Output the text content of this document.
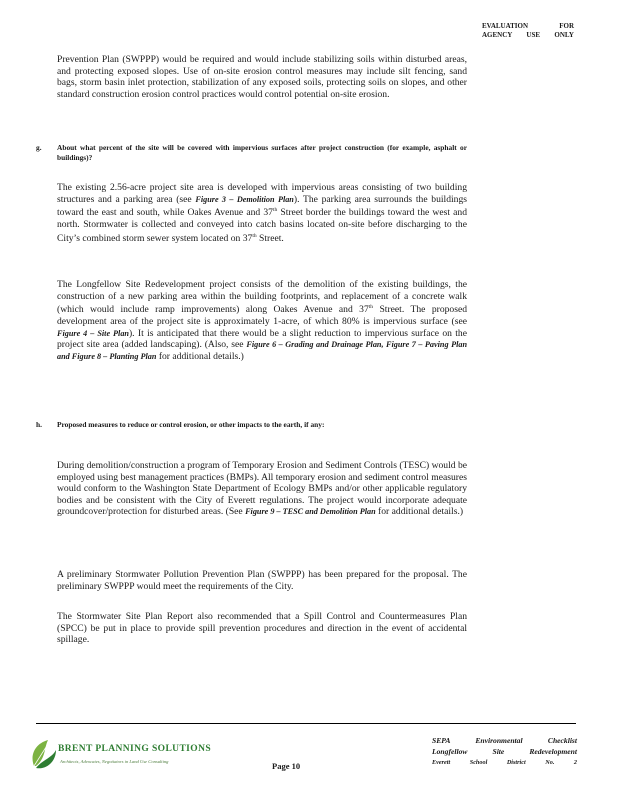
EVALUATION FOR
AGENCY USE ONLY

Prevention Plan (SWPPP) would be required and would include stabilizing soils within disturbed areas, and protecting exposed slopes. Use of on-site erosion control measures may include silt fencing, sand bags, storm basin inlet protection, stabilization of any exposed soils, protecting soils on slopes, and other standard construction erosion control practices would control potential on-site erosion.

g. About what percent of the site will be covered with impervious surfaces after project construction (for example, asphalt or buildings)?

The existing 2.56-acre project site area is developed with impervious areas consisting of two building structures and a parking area (see Figure 3 – Demolition Plan). The parking area surrounds the buildings toward the east and south, while Oakes Avenue and 37th Street border the buildings toward the west and north. Stormwater is collected and conveyed into catch basins located on-site before discharging to the City’s combined storm sewer system located on 37th Street.

The Longfellow Site Redevelopment project consists of the demolition of the existing buildings, the construction of a new parking area within the building footprints, and replacement of a concrete walk (which would include ramp improvements) along Oakes Avenue and 37th Street. The proposed development area of the project site is approximately 1-acre, of which 80% is impervious surface (see Figure 4 – Site Plan). It is anticipated that there would be a slight reduction to impervious surface on the project site area (added landscaping). (Also, see Figure 6 – Grading and Drainage Plan, Figure 7 – Paving Plan and Figure 8 – Planting Plan for additional details.)

h. Proposed measures to reduce or control erosion, or other impacts to the earth, if any:

During demolition/construction a program of Temporary Erosion and Sediment Controls (TESC) would be employed using best management practices (BMPs). All temporary erosion and sediment control measures would conform to the Washington State Department of Ecology BMPs and/or other applicable regulatory bodies and be consistent with the City of Everett regulations. The project would incorporate adequate groundcover/protection for disturbed areas. (See Figure 9 – TESC and Demolition Plan for additional details.)

A preliminary Stormwater Pollution Prevention Plan (SWPPP) has been prepared for the proposal. The preliminary SWPPP would meet the requirements of the City.

The Stormwater Site Plan Report also recommended that a Spill Control and Countermeasures Plan (SPCC) be put in place to provide spill prevention procedures and direction in the event of accidental spillage.

BRENT PLANNING SOLUTIONS
Architects, Advocates, Negotiators in Land Use Consulting	Page 10
SEPA Environmental Checklist
Longfellow Site Redevelopment
Everett School District No.	2
